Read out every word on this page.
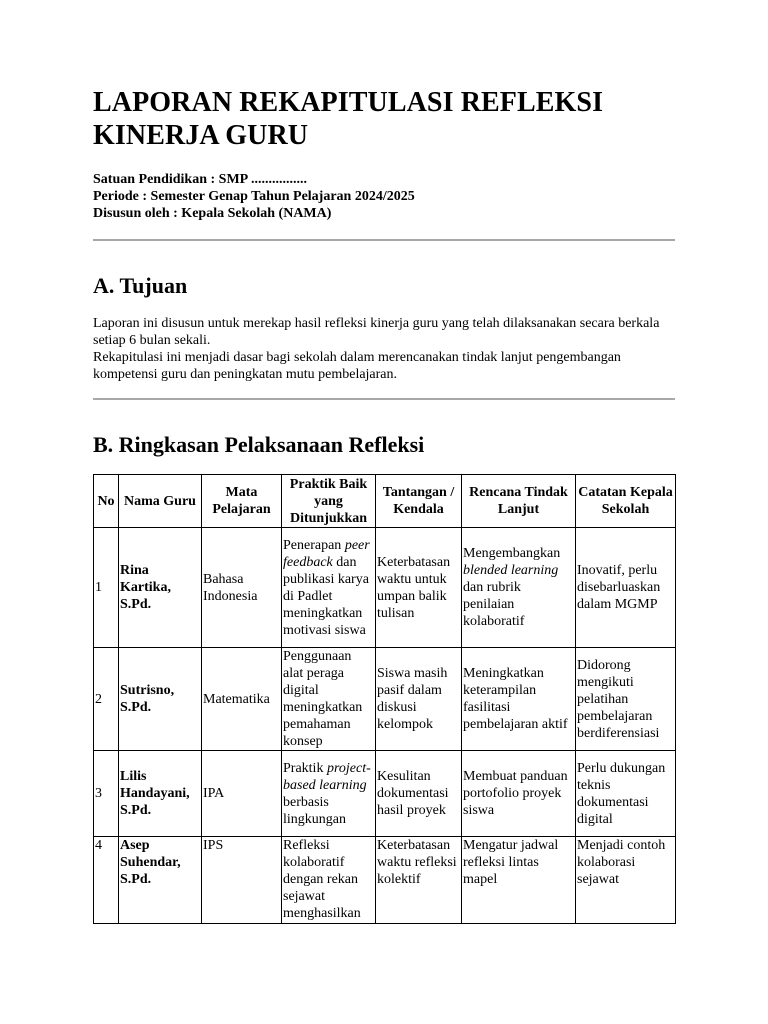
LAPORAN REKAPITULASI REFLEKSI KINERJA GURU
Satuan Pendidikan : SMP ................
Periode : Semester Genap Tahun Pelajaran 2024/2025
Disusun oleh : Kepala Sekolah (NAMA)
A. Tujuan

Laporan ini disusun untuk merekap hasil refleksi kinerja guru yang telah dilaksanakan secara berkala setiap 6 bulan sekali.

Rekapitulasi ini menjadi dasar bagi sekolah dalam merencanakan tindak lanjut pengembangan kompetensi guru dan peningkatan mutu pembelajaran.

B. Ringkasan Pelaksanaan Refleksi
No	Nama Guru	Mata Pelajaran	Praktik Baik yang Ditunjukkan	Tantangan / Kendala	Rencana Tindak Lanjut	Catatan Kepala Sekolah
1	Rina Kartika, S.Pd.	Bahasa Indonesia	Penerapan peer feedback dan publikasi karya di Padlet meningkatkan motivasi siswa	Keterbatasan waktu untuk umpan balik tulisan	Mengembangkan blended learning dan rubrik penilaian kolaboratif	Inovatif, perlu disebarluaskan dalam MGMP
2	Sutrisno, S.Pd.	Matematika	Penggunaan alat peraga digital meningkatkan pemahaman konsep	Siswa masih pasif dalam diskusi kelompok	Meningkatkan keterampilan fasilitasi pembelajaran aktif	Didorong mengikuti pelatihan pembelajaran berdiferensiasi
3	Lilis Handayani, S.Pd.	IPA	Praktik project-based learning berbasis lingkungan	Kesulitan dokumentasi hasil proyek	Membuat panduan portofolio proyek siswa	Perlu dukungan teknis dokumentasi digital
4	Asep Suhendar, S.Pd.	IPS	Refleksi kolaboratif dengan rekan sejawat menghasilkan	Keterbatasan waktu refleksi kolektif	Mengatur jadwal refleksi lintas mapel	Menjadi contoh kolaborasi sejawat
